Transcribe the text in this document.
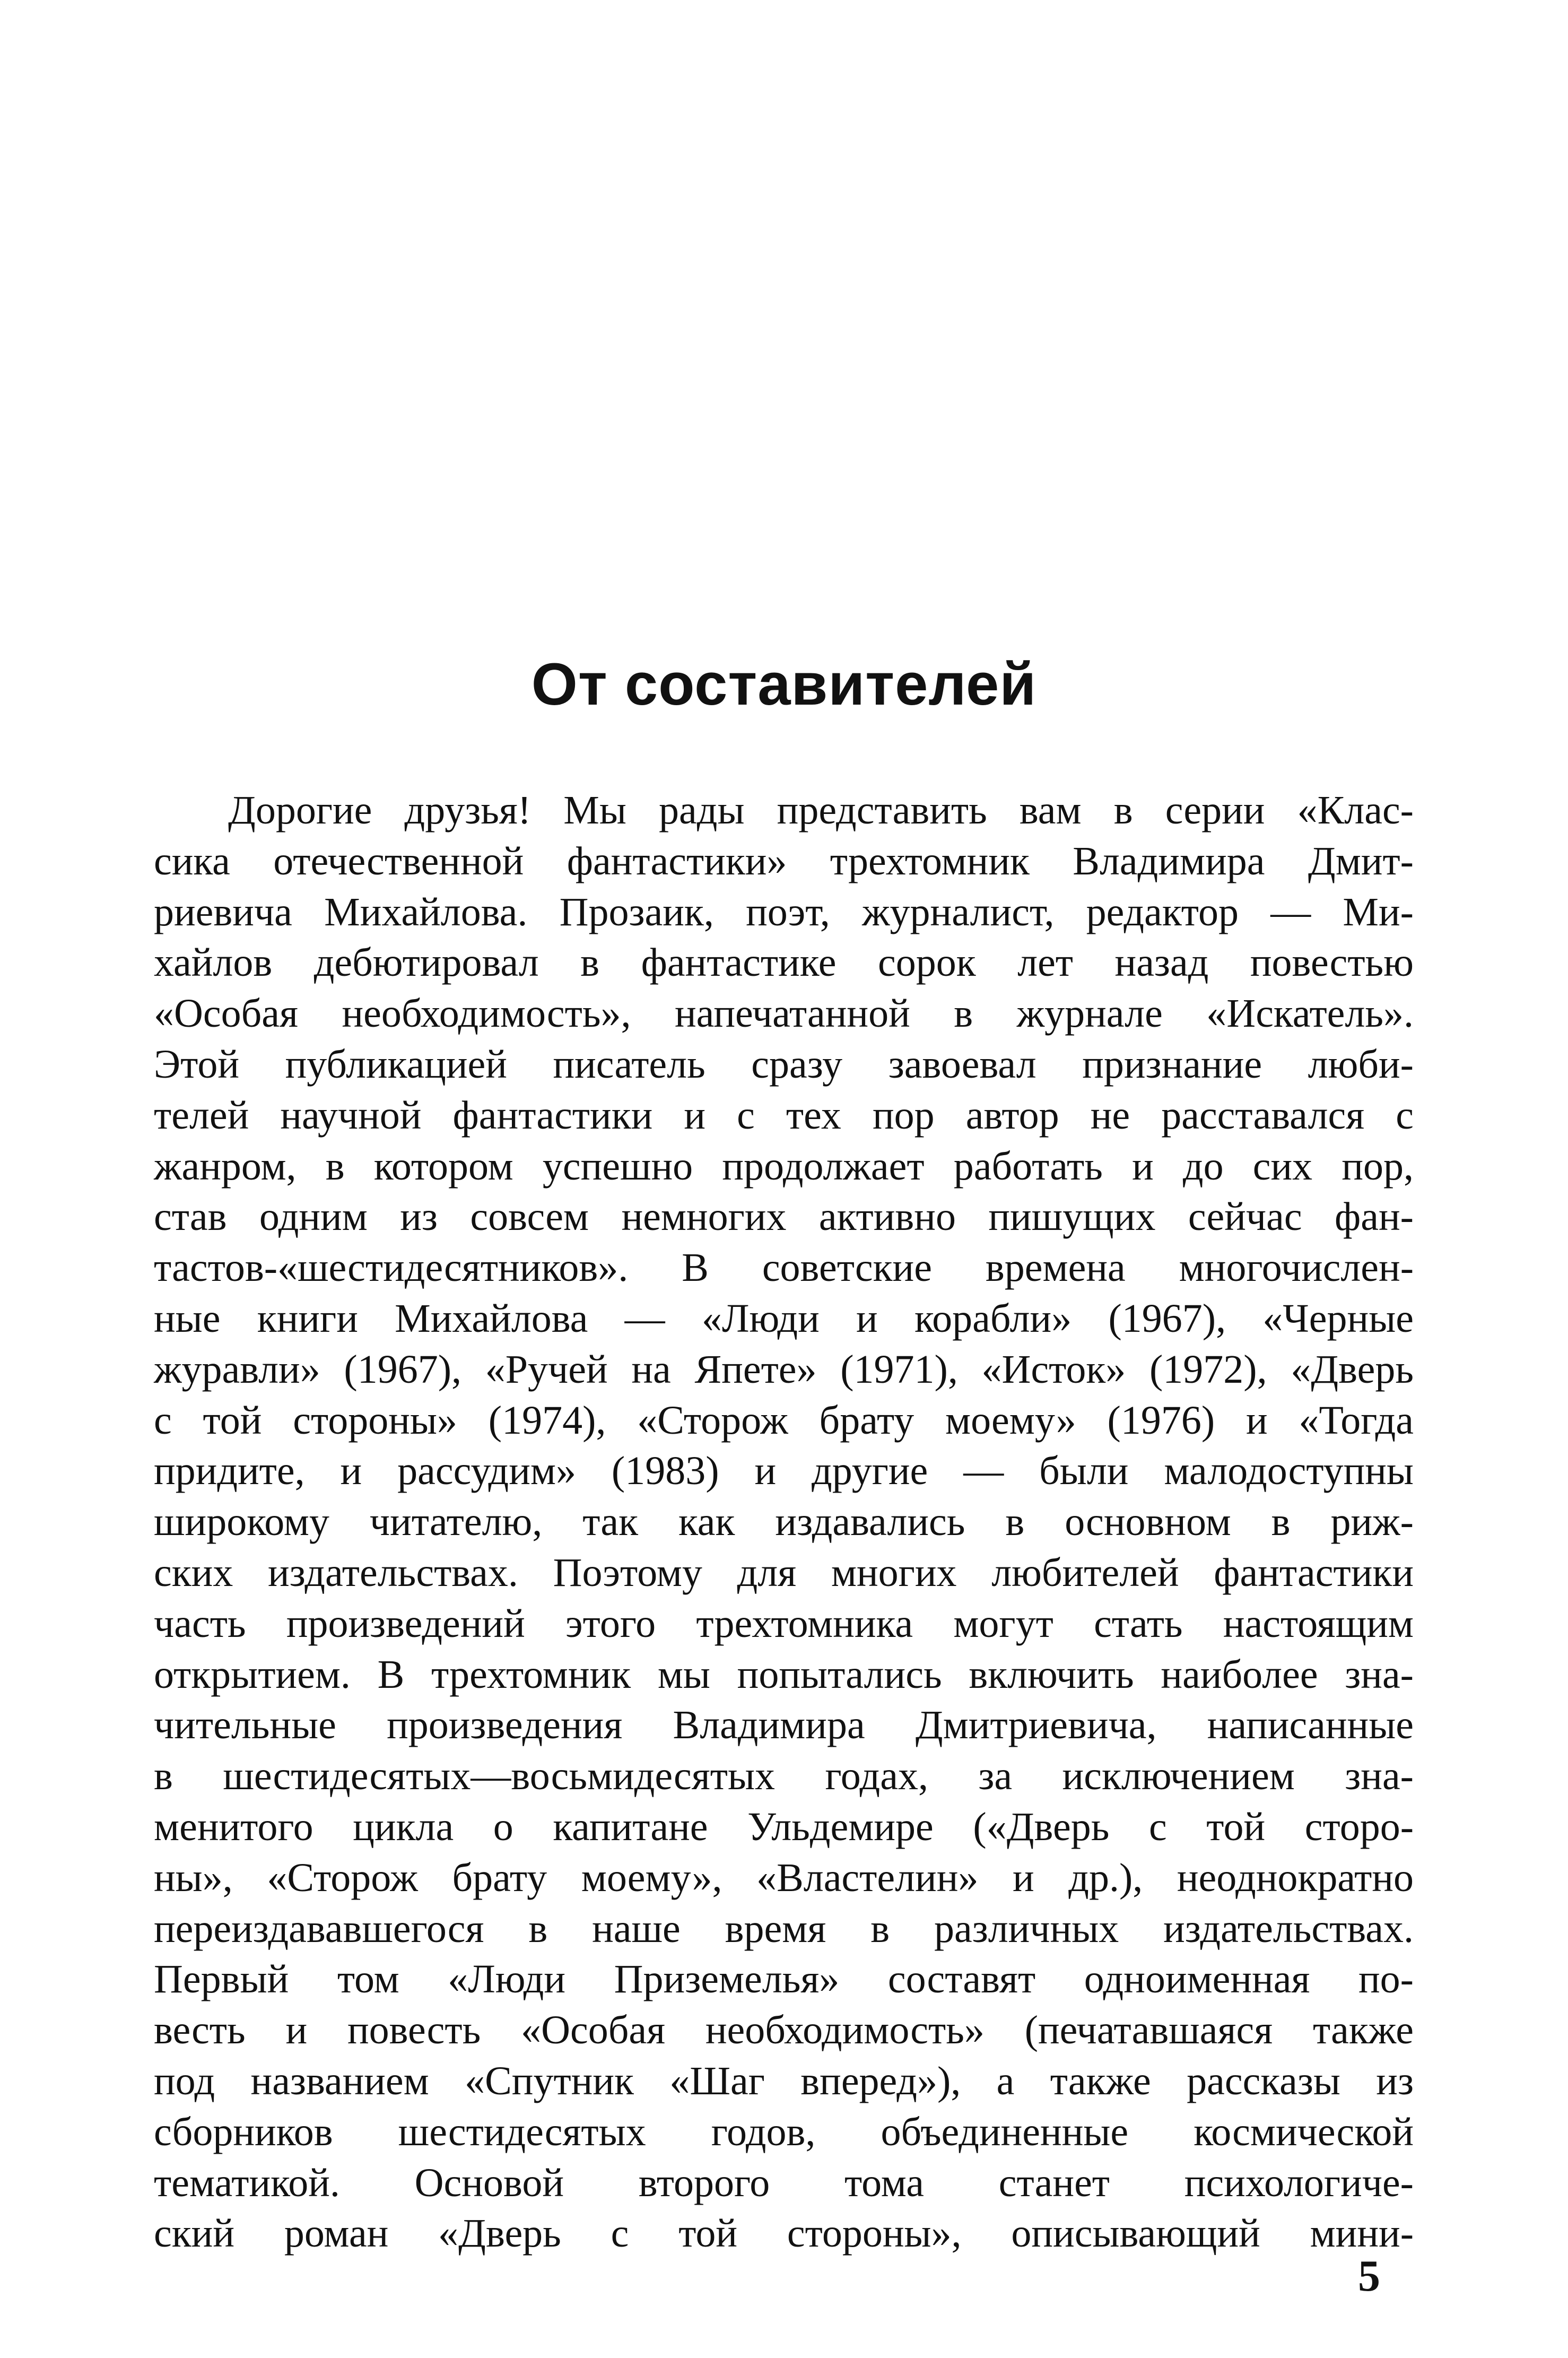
От составителей
Дорогие друзья! Мы рады представить вам в серии «Клас-
сика отечественной фантастики» трехтомник Владимира Дмит-
риевича Михайлова. Прозаик, поэт, журналист, редактор — Ми-
хайлов дебютировал в фантастике сорок лет назад повестью
«Особая необходимость», напечатанной в журнале «Искатель».
Этой публикацией писатель сразу завоевал признание люби-
телей научной фантастики и с тех пор автор не расставался с
жанром, в котором успешно продолжает работать и до сих пор,
став одним из совсем немногих активно пишущих сейчас фан-
тастов-«шестидесятников». В советские времена многочислен-
ные книги Михайлова — «Люди и корабли» (1967), «Черные
журавли» (1967), «Ручей на Япете» (1971), «Исток» (1972), «Дверь
с той стороны» (1974), «Сторож брату моему» (1976) и «Тогда
придите, и рассудим» (1983) и другие — были малодоступны
широкому читателю, так как издавались в основном в риж-
ских издательствах. Поэтому для многих любителей фантастики
часть произведений этого трехтомника могут стать настоящим
открытием. В трехтомник мы попытались включить наиболее зна-
чительные произведения Владимира Дмитриевича, написанные
в шестидесятых—восьмидесятых годах, за исключением зна-
менитого цикла о капитане Ульдемире («Дверь с той сторо-
ны», «Сторож брату моему», «Властелин» и др.), неоднократно
переиздававшегося в наше время в различных издательствах.
Первый том «Люди Приземелья» составят одноименная по-
весть и повесть «Особая необходимость» (печатавшаяся также
под названием «Спутник «Шаг вперед»), а также рассказы из
сборников шестидесятых годов, объединенные космической
тематикой. Основой второго тома станет психологиче-
ский роман «Дверь с той стороны», описывающий мини-
5
